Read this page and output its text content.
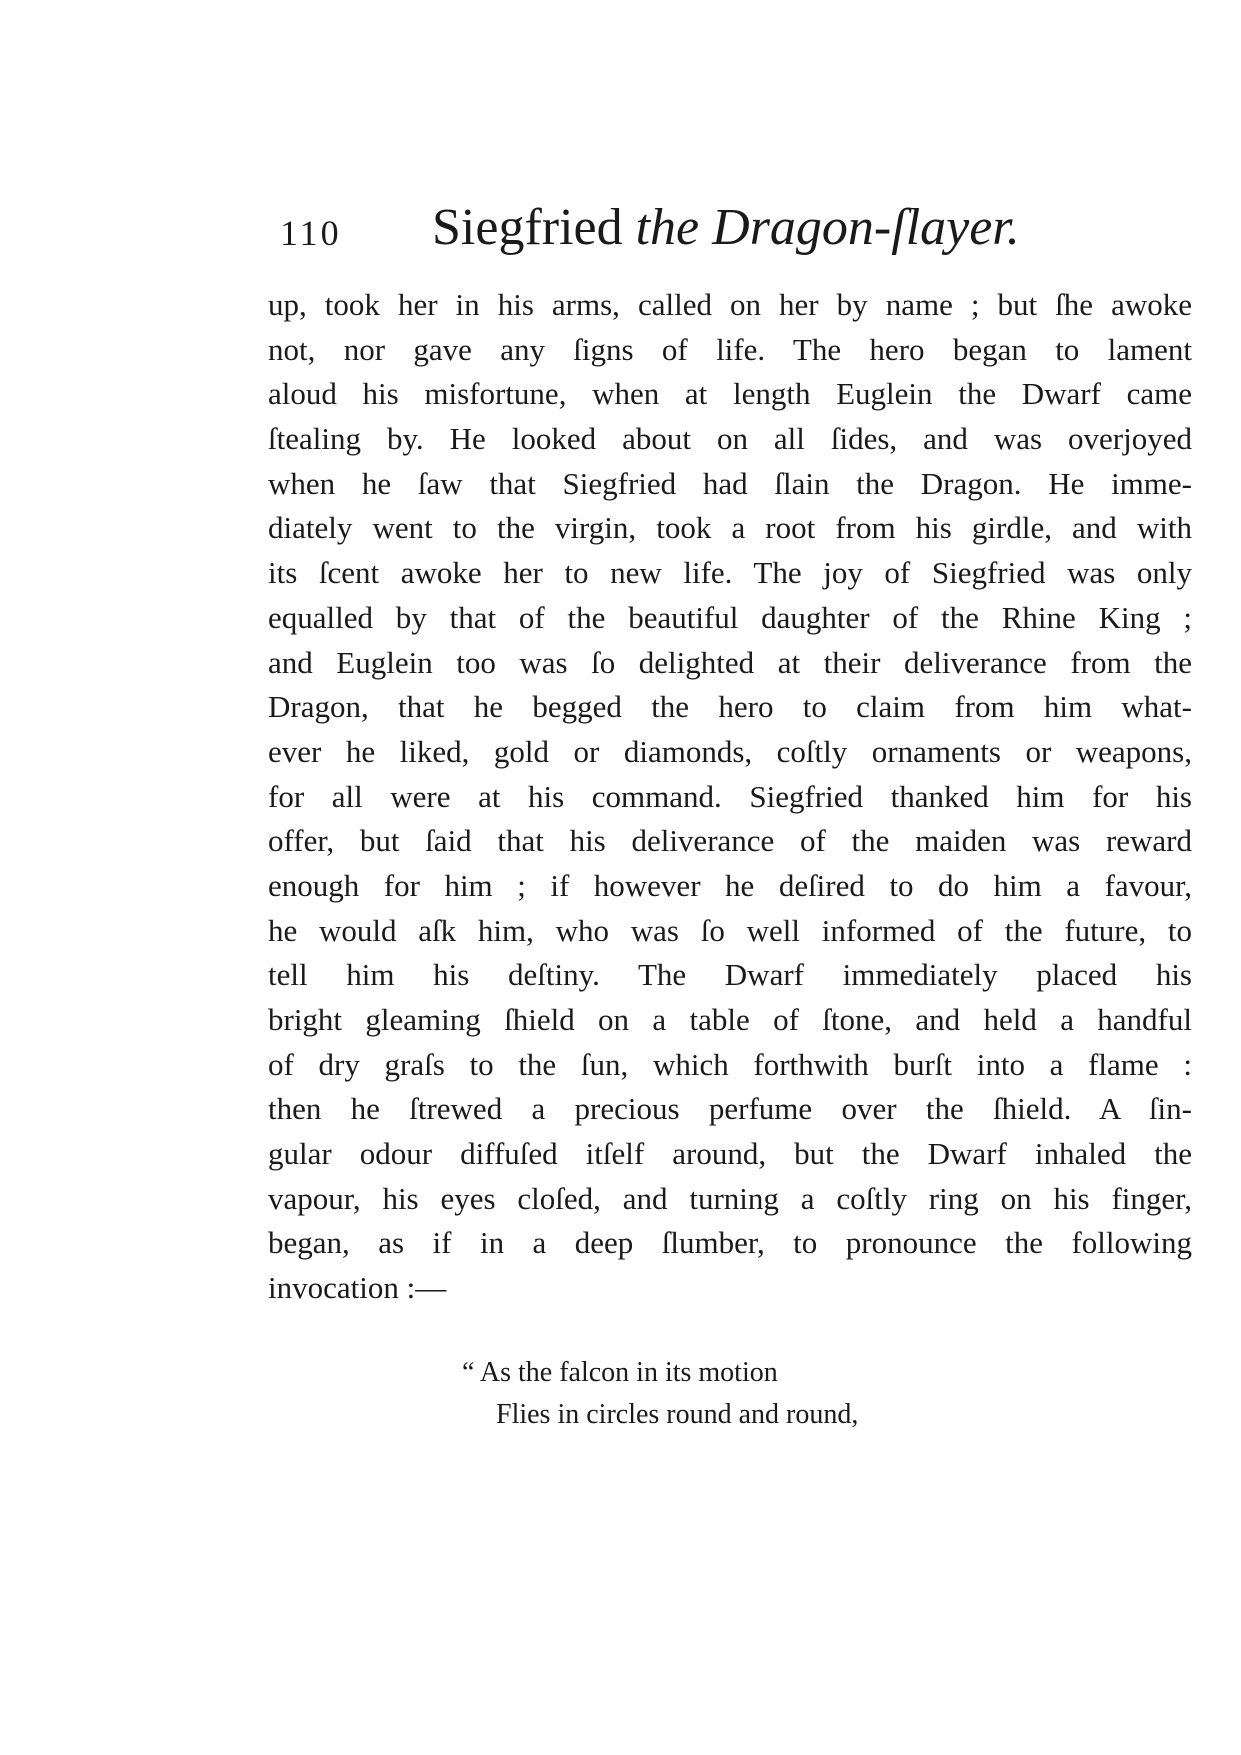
110 Siegfried the Dragon-ſlayer.
up, took her in his arms, called on her by name ; but ſhe awoke
not, nor gave any ſigns of life. The hero began to lament
aloud his misfortune, when at length Euglein the Dwarf came
ſtealing by. He looked about on all ſides, and was overjoyed
when he ſaw that Siegfried had ſlain the Dragon. He imme-
diately went to the virgin, took a root from his girdle, and with
its ſcent awoke her to new life. The joy of Siegfried was only
equalled by that of the beautiful daughter of the Rhine King ;
and Euglein too was ſo delighted at their deliverance from the
Dragon, that he begged the hero to claim from him what-
ever he liked, gold or diamonds, coſtly ornaments or weapons,
for all were at his command. Siegfried thanked him for his
offer, but ſaid that his deliverance of the maiden was reward
enough for him ; if however he deſired to do him a favour,
he would aſk him, who was ſo well informed of the future, to
tell him his deſtiny. The Dwarf immediately placed his
bright gleaming ſhield on a table of ſtone, and held a handful
of dry graſs to the ſun, which forthwith burſt into a flame :
then he ſtrewed a precious perfume over the ſhield. A ſin-
gular odour diffuſed itſelf around, but the Dwarf inhaled the
vapour, his eyes cloſed, and turning a coſtly ring on his finger,
began, as if in a deep ſlumber, to pronounce the following
invocation :—
“ As the falcon in its motion
Flies in circles round and round,
